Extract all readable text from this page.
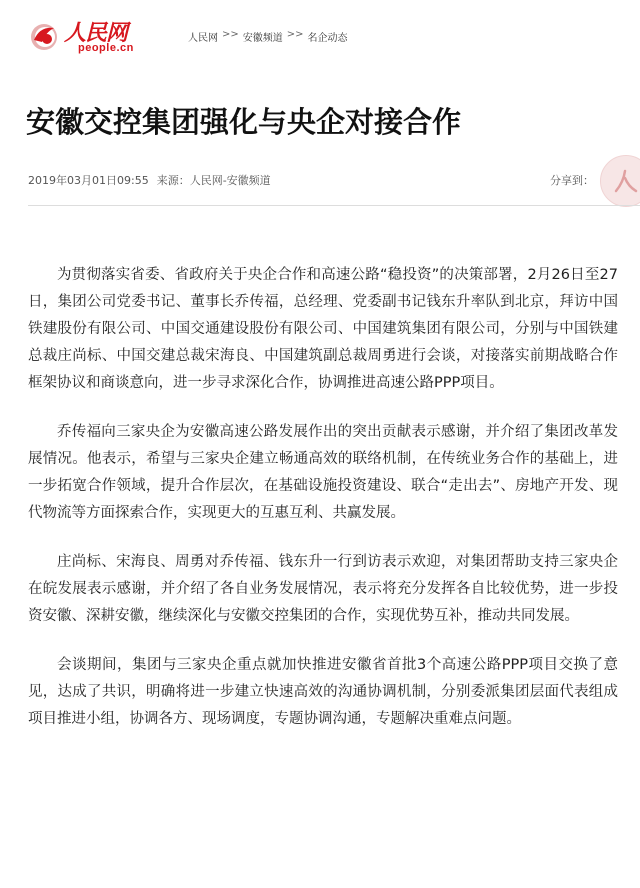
人民网
people.cn
人民网 >> 安徽频道 >> 名企动态
安徽交控集团强化与央企对接合作
2019年03月01日09:55 来源：人民网-安徽频道	分享到：

为贯彻落实省委、省政府关于央企合作和高速公路“稳投资”的决策部署，2月26日至27日，集团公司党委书记、董事长乔传福，总经理、党委副书记钱东升率队到北京，拜访中国铁建股份有限公司、中国交通建设股份有限公司、中国建筑集团有限公司，分别与中国铁建总裁庄尚标、中国交建总裁宋海良、中国建筑副总裁周勇进行会谈，对接落实前期战略合作框架协议和商谈意向，进一步寻求深化合作，协调推进高速公路PPP项目。

乔传福向三家央企为安徽高速公路发展作出的突出贡献表示感谢，并介绍了集团改革发展情况。他表示，希望与三家央企建立畅通高效的联络机制，在传统业务合作的基础上，进一步拓宽合作领域，提升合作层次，在基础设施投资建设、联合“走出去”、房地产开发、现代物流等方面探索合作，实现更大的互惠互利、共赢发展。

庄尚标、宋海良、周勇对乔传福、钱东升一行到访表示欢迎，对集团帮助支持三家央企在皖发展表示感谢，并介绍了各自业务发展情况，表示将充分发挥各自比较优势，进一步投资安徽、深耕安徽，继续深化与安徽交控集团的合作，实现优势互补，推动共同发展。

会谈期间，集团与三家央企重点就加快推进安徽省首批3个高速公路PPP项目交换了意见，达成了共识，明确将进一步建立快速高效的沟通协调机制，分别委派集团层面代表组成项目推进小组，协调各方、现场调度，专题协调沟通，专题解决重难点问题。
